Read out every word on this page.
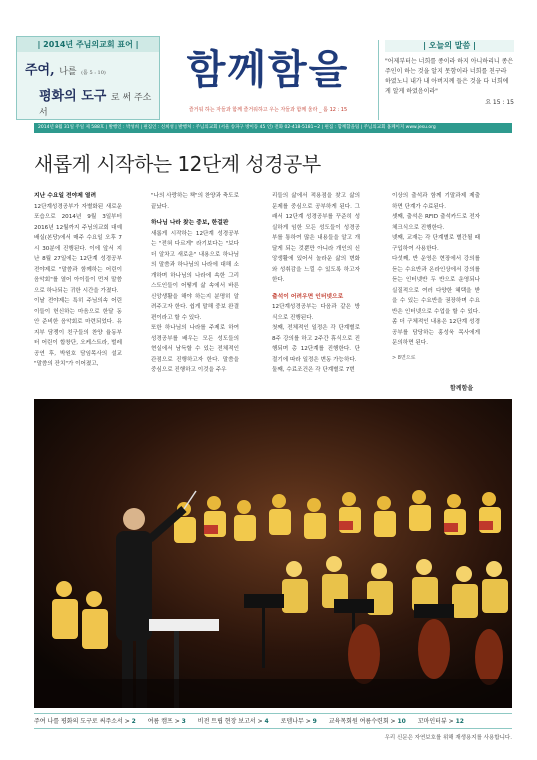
| 2014년 주님의교회 표어 |
주여, 나를 (롬 5 : 10)
평화의 도구 로 써 주소서
함께함을
즐거워 하는 자들과 함께 즐거워하고 우는 자들과 함께 울라 _ 롬 12 : 15
| 오늘의 말씀 |
"어제부터는 너희를 종이라 하지 아니하리니 종은 주인이 하는 것을 알지 못함이라 너희를 친구라 하였노니 내가 내 아버지께 들은 것을 다 너희에게 알게 하였음이라"
요 15 : 15
2014년 8월 31일 주일 제 588호 | 발행인 : 박성희 | 편집인 : 신희성 | 발행처 : 주님의교회 (서울 송파구 방이동 45 인) 전화 02-418-5181~2 | 편집 : 함께함을팀 | 주님의교회 홈페이지 www.jesu.org
새롭게 시작하는 12단계 성경공부
지난 수요일 전야제 열려

12단계성경공부가 자별화된 새로운 포습으로 2014년 9월 3일부터 2016년 12월까지 주님의교회 대예배실(본당)에서 매주 수요일 오후 7시 30분에 진행된다. 이에 앞서 지난 8월 27일에는 12단계 성경공부 전야제로 "말씀과 함께하는 어린이 음악회"를 열어 아이들이 먼저 말씀으로 하나되는 귀한 시간을 가졌다.

이날 전야제는 특히 주님의속 어린이들이 헌신하는 마음으로 한달 동안 준비한 음악회로 마련되었다. 유지부 담쟁이 친구들의 찬양 율동부터 어린이 합창단, 오케스트라, 벌레 공연 후, 박원호 담임목사의 설교 "말씀의 잔치"가 이어졌고,

"나의 사랑하는 책"의 찬양과 축도로 끝났다.

하나님 나라 찾는 중보, 한걸판

새롭게 시작하는 12단계 성경공부는 "전혀 다르게" 라기보다는 "보다 더 알차고 새로운" 내용으로 하나님의 말씀과 하나님의 나라에 대해 소개하며 하나님의 나라에 속한 그리스도인들이 어떻게 삶 속에서 바른 신앙생활을 해야 하는지 분명히 알려주고자 한다. 쉽게 말해 중보 완결편이라고 할 수 있다.

또한 하나님의 나라를 주제로 하여 성경공부를 배우는 모든 성도들의 현실에서 남득할 수 있는 전체적인 관점으로 진행하고자 한다. 말씀을 중심으로 진행하고 이것을 주우

리들의 삶에서 적용점을 찾고 삶의 문제를 중심으로 공부하게 된다. 그래서 12단계 성경공부를 꾸준히 성실하게 임한 모든 성도들이 성경공부를 통하여 많은 내용들을 알고 개달게 되는 것뿐만 아니라 개인의 신앙생활에 있어서 놀라운 삶의 변화와 성취감을 느낄 수 있도록 하고자 한다.

출석이 어려우면 인터넷으로

12단계성경공부는 다음과 같은 방식으로 진행된다.

첫째, 전체적인 일정은 각 단계별로 8주 강의를 하고 2주간 휴식으로 진행되며 총 12단계를 진행한다. 단 절기에 따라 일정은 변동 가능하다.

둘째, 수료조건은 각 단계별로 7번

이상의 출석과 함께 기말과제 제출하면 단계가 수료된다.

셋째, 출석은 RFID 출석카드로 전자 체크식으로 진행한다.

넷째, 교재는 각 단계별로 별간될 때 구입하여 사용한다.

다섯째, 반 운영은 현장에서 강의를 듣는 수요반과 온라인상에서 강의를 듣는 인터넷반 두 반으로 운영되나 실질적으로 여러 다양한 혜택을 받을 수 있는 수요반을 권장하며 수요반은 인터넷으로 수업을 할 수 있다. 좀 더 구체적인 내용은 12단계 성경공부를 담당하는 홍성욱 목사에게 문의하면 된다.

> 8면으로
함께함을
주여 나를 평화의 도구로 써주소서 > 2 여름 캠프 > 3 비전 트립 현장 보고서 > 4 로뎀나무 > 9 교육목회원 여름수련회 > 10 꼬마인터뷰 > 12
우리 신문은 자연보호를 위해 재생용지를 사용합니다.
